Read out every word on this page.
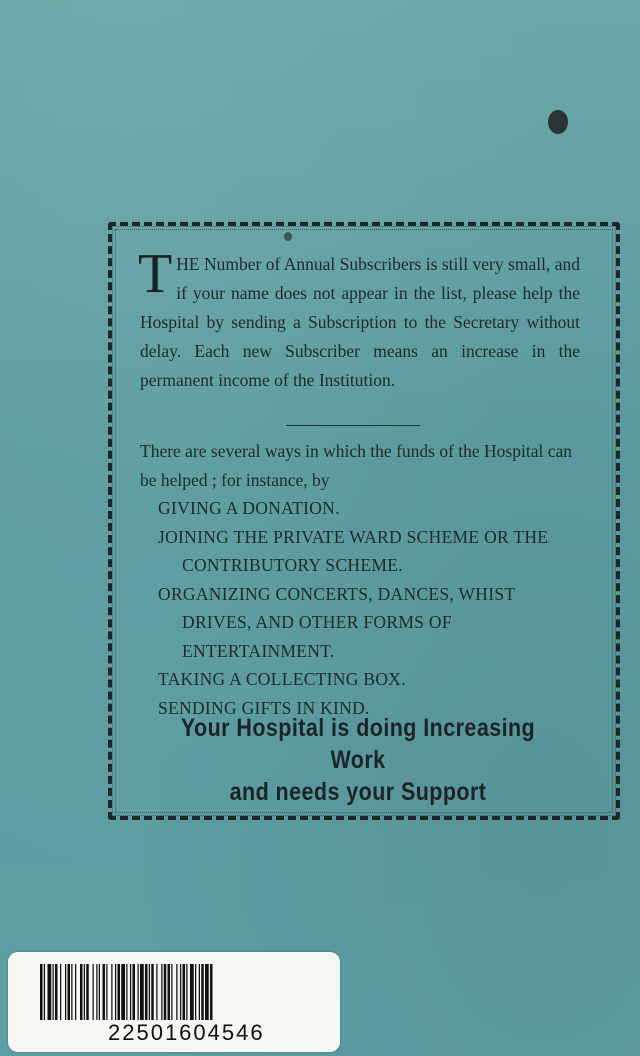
THE Number of Annual Subscribers is still very small, and if your name does not appear in the list, please help the Hospital by sending a Subscription to the Secretary without delay. Each new Subscriber means an increase in the permanent income of the Institution.
There are several ways in which the funds of the Hospital can be helped ; for instance, by
GIVING A DONATION.
JOINING THE PRIVATE WARD SCHEME OR THE CONTRIBUTORY SCHEME.
ORGANIZING CONCERTS, DANCES, WHIST DRIVES, AND OTHER FORMS OF ENTERTAINMENT.
TAKING A COLLECTING BOX.
SENDING GIFTS IN KIND.
Your Hospital is doing Increasing Work
and needs your Support
22501604546
